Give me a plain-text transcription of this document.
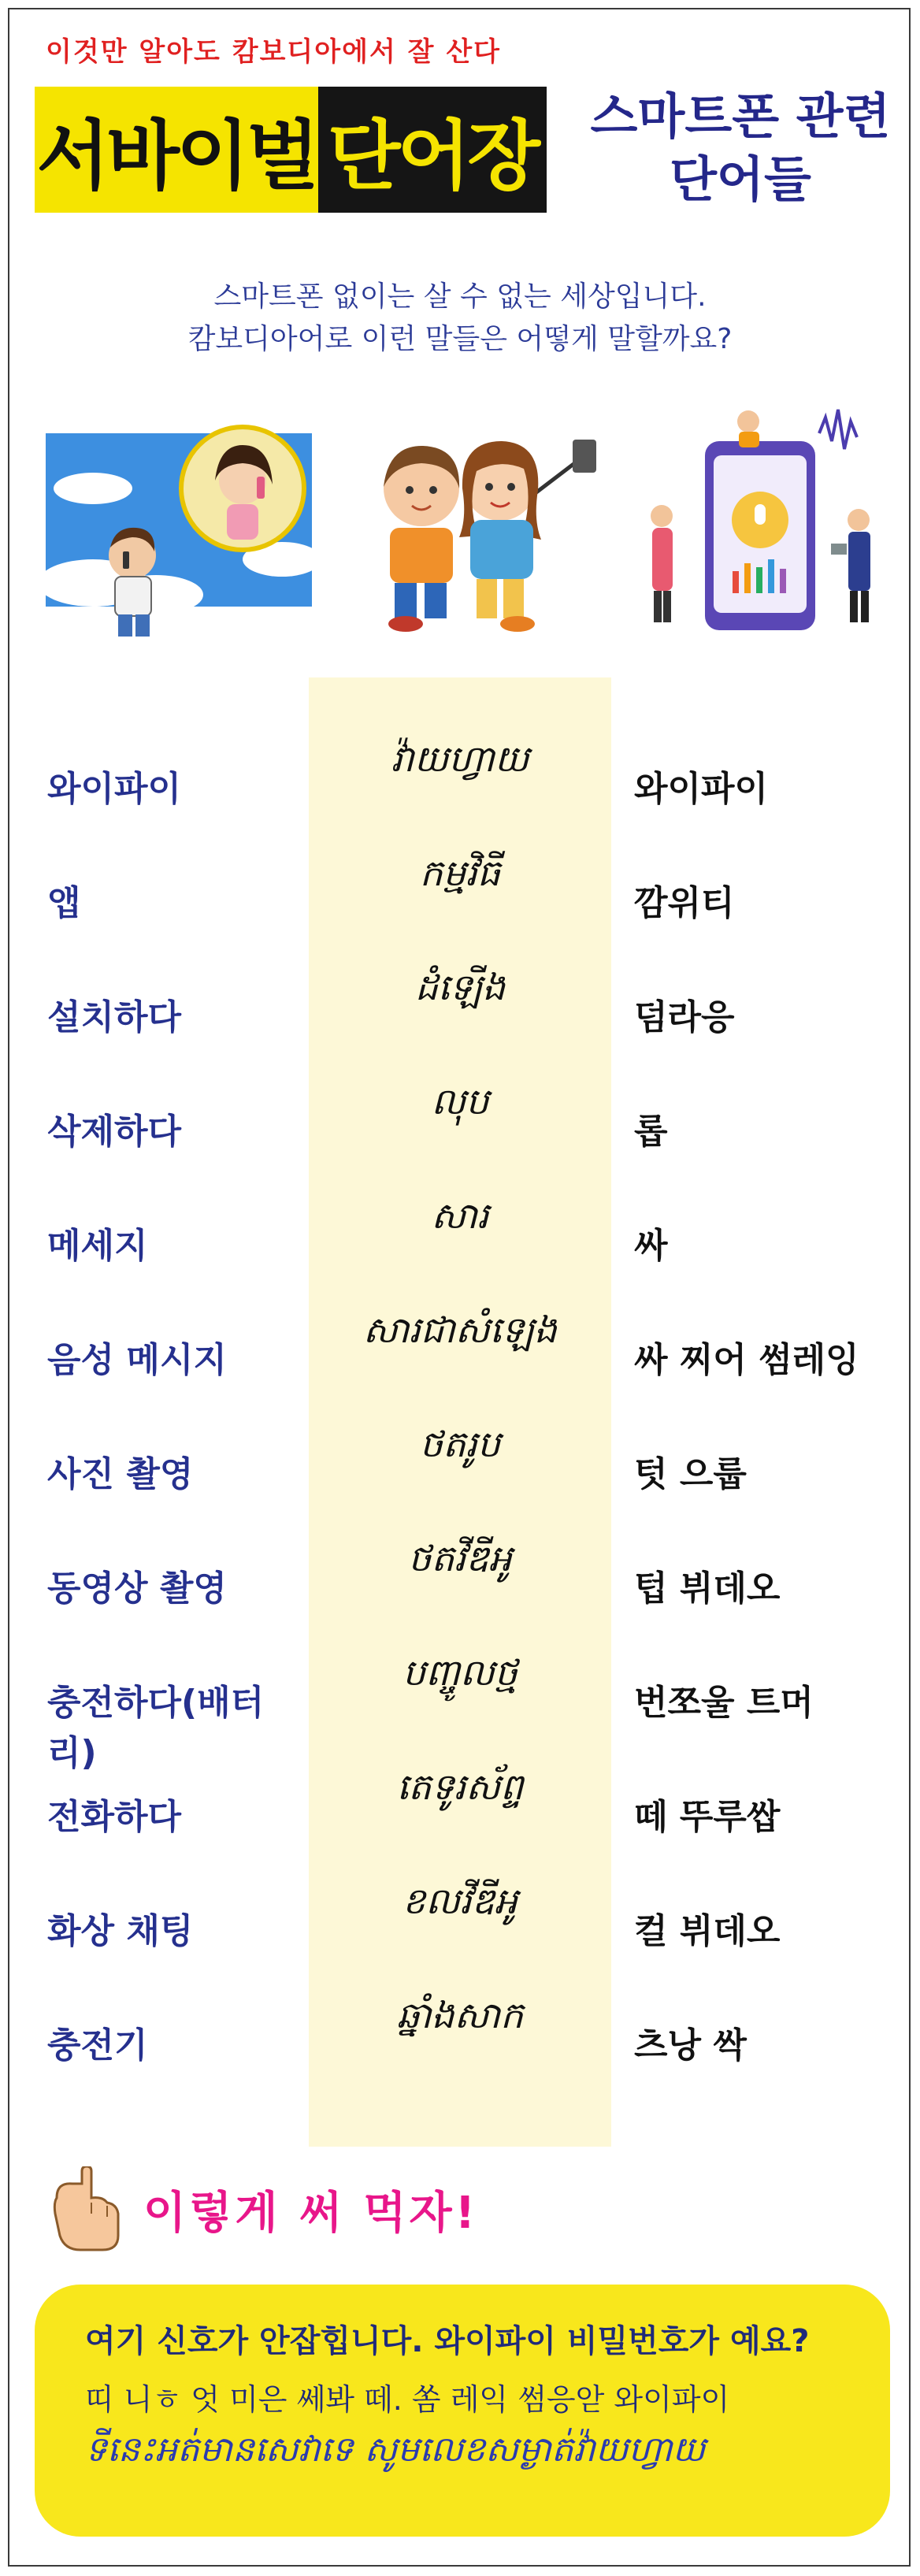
이것만 알아도 캄보디아에서 잘 산다
서바이벌 단어장	스마트폰 관련
단어들
스마트폰 없이는 살 수 없는 세상입니다.
캄보디아어로 이런 말들은 어떻게 말할까요?
와이파이
វ៉ាយហ្វាយ
와이파이
앱
កម្មវិធី
깜위티
설치하다
ដំឡើង
덤라응
삭제하다
លុប
롭
메세지
សារ
싸
음성 메시지
សារជាសំឡេង
싸 찌어 썸레잉
사진 촬영
ថតរូប
텃 으룹
동영상 촬영
ថតវីឌីអូ
텁 뷔데오
충전하다(배터리)
បញ្ចូលថ្ម
번쪼울 트머
전화하다
តេទូរស័ព្ទ
떼 뚜루쌉
화상 채팅
ខលវីឌីអូ
컬 뷔데오
충전기
ឆ្នាំងសាក
츠낭 싹
이렇게 써 먹자!
여기 신호가 안잡힙니다. 와이파이 비밀번호가 예요?
띠 니ㅎ 엇 미은 쎄봐 떼. 쏨 레익 썸응앋 와이파이
ទីនេះអត់មានសេវាទេ សូមលេខសម្ងាត់វ៉ាយហ្វាយ
